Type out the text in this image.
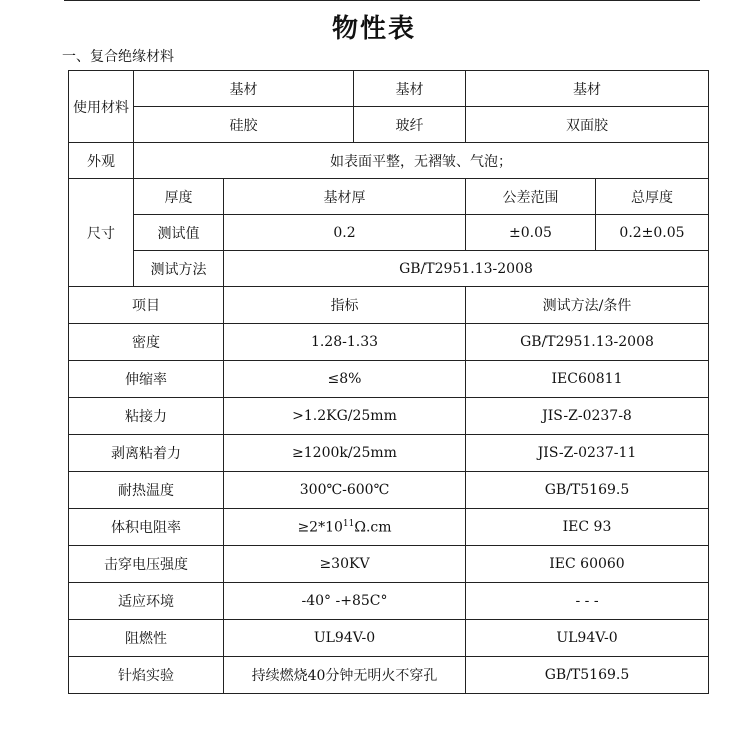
物性表
一、复合绝缘材料
使用材料	基材		基材	基材	
	硅胶		玻纤	双面胶	
外观	如表面平整，无褶皱、气泡；				
尺寸	厚度	基材厚		公差范围	总厚度
	测试值	0.2		±0.05	0.2±0.05
	测试方法	GB/T2951.13-2008			
项目		指标		测试方法/条件	
密度		1.28-1.33		GB/T2951.13-2008	
伸缩率		≤8%		IEC60811	
粘接力		>1.2KG/25mm		JIS-Z-0237-8	
剥离粘着力		≥1200k/25mm		JIS-Z-0237-11	
耐热温度		300℃-600℃		GB/T5169.5	
体积电阻率		$\ge 2*10^{11}\Omega.cm$		IEC 93	
击穿电压强度		≥30KV		IEC 60060	
适应环境		-40° -+85C°		- - -	
阻燃性		UL94V-0		UL94V-0	
针焰实验		持续燃烧40分钟无明火不穿孔		GB/T5169.5	
